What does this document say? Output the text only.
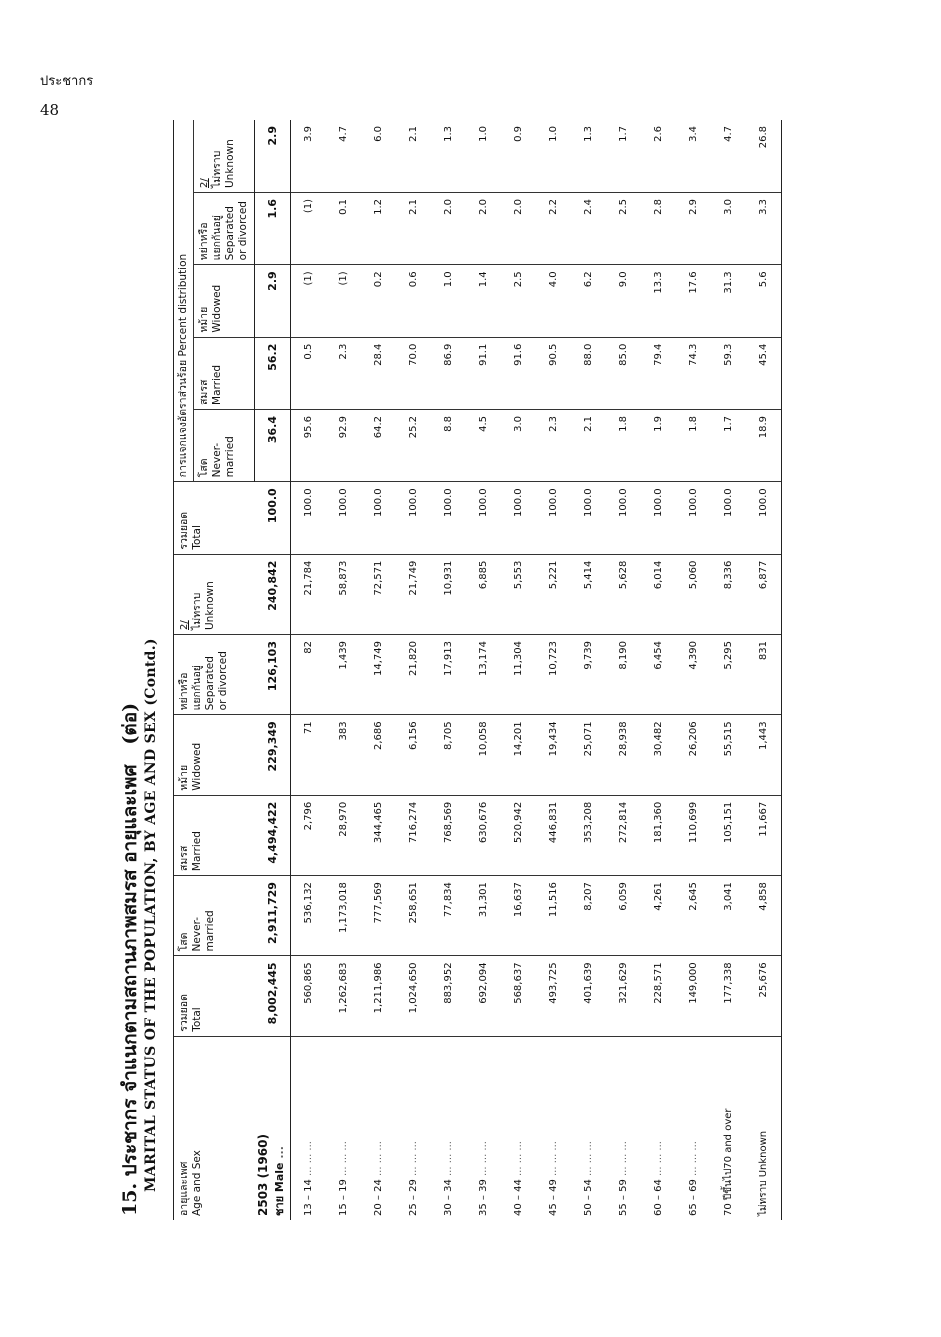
ประชากร
48
15. ประชากร จำแนกตามสถานภาพสมรส อายุและเพศ   (ต่อ) MARITAL STATUS OF THE POPULATION, BY AGE AND SEX (Contd.) อายุและเพศ Age and Sex	รวมยอด Total	โสด Never- married	สมรส Married	หม้าย Widowed	หย่าหรือ แยกกันอยู่ Separated or divorced	2/ ไม่ทราบ Unknown	รวมยอด Total	การแจกแจงอัตราส่วนร้อย Percent distribution				

								โสด Never- married	สมรส Married	หม้าย Widowed	หย่าหรือ แยกกันอยู่ Separated or divorced	2/ ไม่ทราบ Unknown

2503 (1960) ชาย Male ...	8,002,445	2,911,729	4,494,422	229,349	126,103	240,842	100.0	36.4	56.2	2.9	1.6	2.9
13 – 14 ... ... ...	560,865	536,132	2,796	71	82	21,784	100.0	95.6	0.5	(1)	(1)	3.9
15 – 19 ... ... ...	1,262,683	1,173,018	28,970	383	1,439	58,873	100.0	92.9	2.3	(1)	0.1	4.7
20 – 24 ... ... ...	1,211,986	777,569	344,465	2,686	14,749	72,571	100.0	64.2	28.4	0.2	1.2	6.0
25 – 29 ... ... ...	1,024,650	258,651	716,274	6,156	21,820	21,749	100.0	25.2	70.0	0.6	2.1	2.1
30 – 34 ... ... ...	883,952	77,834	768,569	8,705	17,913	10,931	100.0	8.8	86.9	1.0	2.0	1.3
35 – 39 ... ... ...	692,094	31,301	630,676	10,058	13,174	6,885	100.0	4.5	91.1	1.4	2.0	1.0
40 – 44 ... ... ...	568,637	16,637	520,942	14,201	11,304	5,553	100.0	3.0	91.6	2.5	2.0	0.9
45 – 49 ... ... ...	493,725	11,516	446,831	19,434	10,723	5,221	100.0	2.3	90.5	4.0	2.2	1.0
50 – 54 ... ... ...	401,639	8,207	353,208	25,071	9,739	5,414	100.0	2.1	88.0	6.2	2.4	1.3
55 – 59 ... ... ...	321,629	6,059	272,814	28,938	8,190	5,628	100.0	1.8	85.0	9.0	2.5	1.7
60 – 64 ... ... ...	228,571	4,261	181,360	30,482	6,454	6,014	100.0	1.9	79.4	13.3	2.8	2.6
65 – 69 ... ... ...	149,000	2,645	110,699	26,206	4,390	5,060	100.0	1.8	74.3	17.6	2.9	3.4
70 ปีขึ้นไป70 and over	177,338	3,041	105,151	55,515	5,295	8,336	100.0	1.7	59.3	31.3	3.0	4.7
ไม่ทราบ Unknown	25,676	4,858	11,667	1,443	831	6,877	100.0	18.9	45.4	5.6	3.3	26.8
